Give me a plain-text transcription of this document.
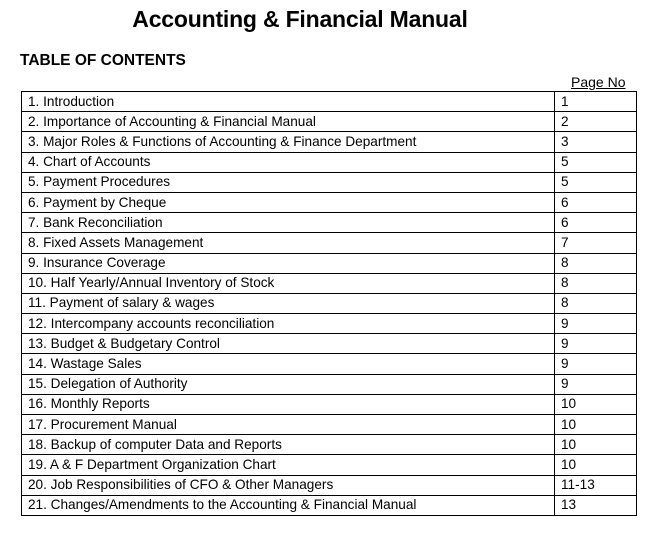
Accounting & Financial Manual
TABLE OF CONTENTS
Page No
1. Introduction	1
2. Importance of Accounting & Financial Manual	2
3. Major Roles & Functions of Accounting & Finance Department	3
4. Chart of Accounts	5
5. Payment Procedures	5
6. Payment by Cheque	6
7. Bank Reconciliation	6
8. Fixed Assets Management	7
9. Insurance Coverage	8
10. Half Yearly/Annual Inventory of Stock	8
11. Payment of salary & wages	8
12. Intercompany accounts reconciliation	9
13. Budget & Budgetary Control	9
14. Wastage Sales	9
15. Delegation of Authority	9
16. Monthly Reports	10
17. Procurement Manual	10
18. Backup of computer Data and Reports	10
19. A & F Department Organization Chart	10
20. Job Responsibilities of CFO & Other Managers	11-13
21. Changes/Amendments to the Accounting & Financial Manual	13
